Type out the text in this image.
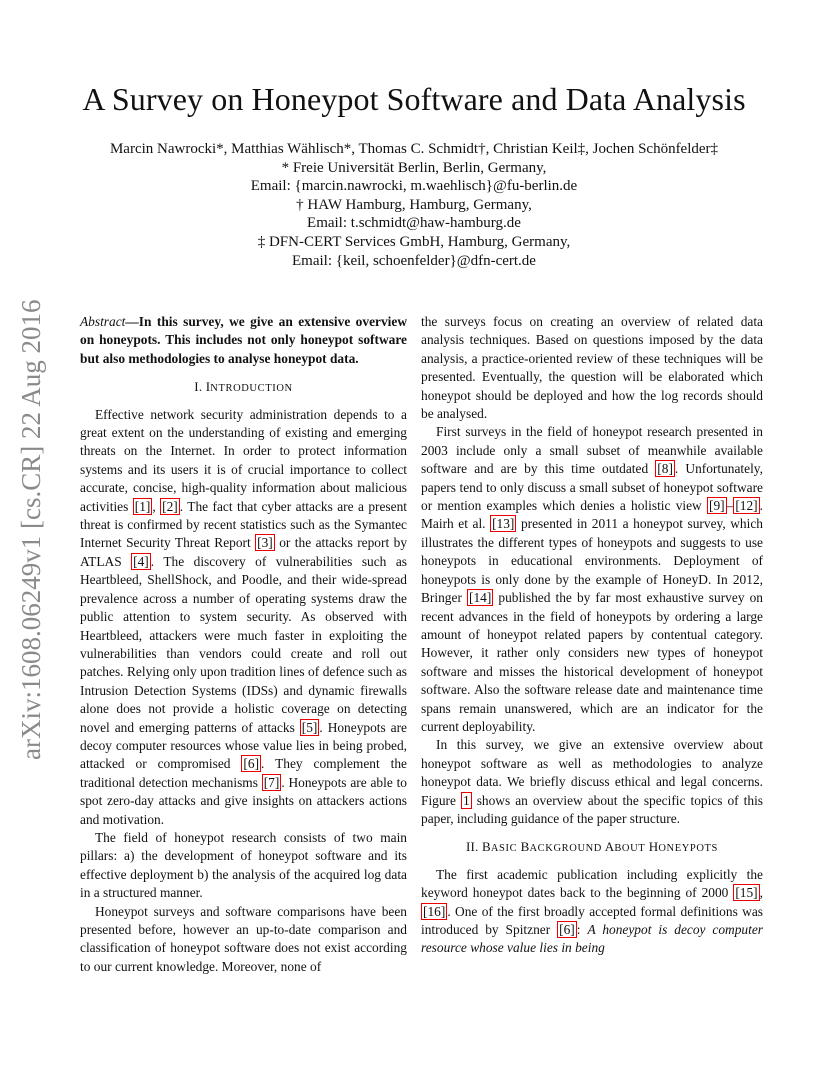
A Survey on Honeypot Software and Data Analysis
Marcin Nawrocki*, Matthias Wählisch*, Thomas C. Schmidt†, Christian Keil‡, Jochen Schönfelder‡
* Freie Universität Berlin, Berlin, Germany,
Email: {marcin.nawrocki, m.waehlisch}@fu-berlin.de
† HAW Hamburg, Hamburg, Germany,
Email: t.schmidt@haw-hamburg.de
‡ DFN-CERT Services GmbH, Hamburg, Germany,
Email: {keil, schoenfelder}@dfn-cert.de
arXiv:1608.06249v1 [cs.CR] 22 Aug 2016	Abstract—In this survey, we give an extensive overview on honeypots. This includes not only honeypot software but also methodologies to analyse honeypot data.

I. INTRODUCTION

Effective network security administration depends to a great extent on the understanding of existing and emerging threats on the Internet. In order to protect information systems and its users it is of crucial importance to collect accurate, concise, high-quality information about malicious activities [1] , [2] . The fact that cyber attacks are a present threat is confirmed by recent statistics such as the Symantec Internet Security Threat Report [3] or the attacks report by ATLAS [4] . The discovery of vulnerabilities such as Heartbleed, ShellShock, and Poodle, and their wide-spread prevalence across a number of operating systems draw the public attention to system security. As observed with Heartbleed, attackers were much faster in exploiting the vulnerabilities than vendors could create and roll out patches. Relying only upon tradition lines of defence such as Intrusion Detection Systems (IDSs) and dynamic firewalls alone does not provide a holistic coverage on detecting novel and emerging patterns of attacks [5] . Honeypots are decoy computer resources whose value lies in being probed, attacked or compromised [6] . They complement the traditional detection mechanisms [7] . Honeypots are able to spot zero-day attacks and give insights on attackers actions and motivation.

The field of honeypot research consists of two main pillars: a) the development of honeypot software and its effective deployment b) the analysis of the acquired log data in a structured manner.

Honeypot surveys and software comparisons have been presented before, however an up-to-date comparison and classification of honeypot software does not exist according to our current knowledge. Moreover, none of

the surveys focus on creating an overview of related data analysis techniques. Based on questions imposed by the data analysis, a practice-oriented review of these techniques will be presented. Eventually, the question will be elaborated which honeypot should be deployed and how the log records should be analysed.

First surveys in the field of honeypot research presented in 2003 include only a small subset of meanwhile available software and are by this time outdated [8] . Unfortunately, papers tend to only discuss a small subset of honeypot software or mention examples which denies a holistic view [9] – [12] . Mairh et al. [13] presented in 2011 a honeypot survey, which illustrates the different types of honeypots and suggests to use honeypots in educational environments. Deployment of honeypots is only done by the example of HoneyD. In 2012, Bringer [14] published the by far most exhaustive survey on recent advances in the field of honeypots by ordering a large amount of honeypot related papers by contentual category. However, it rather only considers new types of honeypot software and misses the historical development of honeypot software. Also the software release date and maintenance time spans remain unanswered, which are an indicator for the current deployability.

In this survey, we give an extensive overview about honeypot software as well as methodologies to analyze honeypot data. We briefly discuss ethical and legal concerns. Figure 1 shows an overview about the specific topics of this paper, including guidance of the paper structure.

II. BASIC BACKGROUND ABOUT HONEYPOTS

The first academic publication including explicitly the keyword honeypot dates back to the beginning of 2000 [15] , [16] . One of the first broadly accepted formal definitions was introduced by Spitzner [6] : A honeypot is decoy computer resource whose value lies in being
